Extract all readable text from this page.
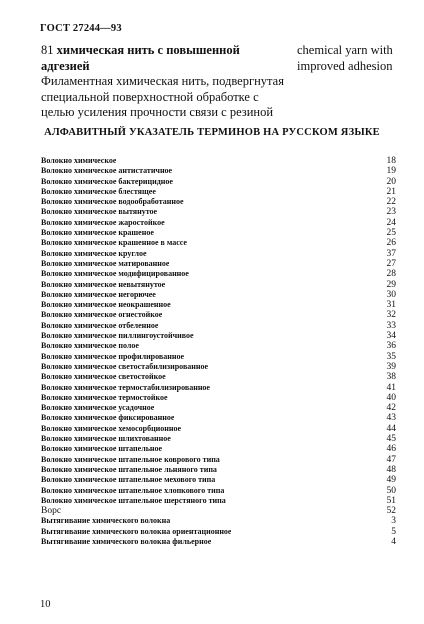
ГОСТ 27244—93
81 химическая нить с повышенной адгезией
Филаментная химическая нить, подвергнутая специальной поверхностной обработке с целью усиления прочности связи с резиной
chemical yarn with improved adhesion
АЛФАВИТНЫЙ УКАЗАТЕЛЬ ТЕРМИНОВ НА РУССКОМ ЯЗЫКЕ
Волокно химическое	18
Волокно химическое антистатичное	19
Волокно химическое бактерицидное	20
Волокно химическое блестящее	21
Волокно химическое водообработанное	22
Волокно химическое вытянутое	23
Волокно химическое жаростойкое	24
Волокно химическое крашеное	25
Волокно химическое крашенное в массе	26
Волокно химическое круглое	37
Волокно химическое матированное	27
Волокно химическое модифицированное	28
Волокно химическое невытянутое	29
Волокно химическое негорючее	30
Волокно химическое неокрашенное	31
Волокно химическое огнестойкое	32
Волокно химическое отбеленное	33
Волокно химическое пиллингоустойчивое	34
Волокно химическое полое	36
Волокно химическое профилированное	35
Волокно химическое светостабилизированное	39
Волокно химическое светостойкое	38
Волокно химическое термостабилизированное	41
Волокно химическое термостойкое	40
Волокно химическое усадочное	42
Волокно химическое фиксированное	43
Волокно химическое хемосорбционное	44
Волокно химическое шлихтованное	45
Волокно химическое штапельное	46
Волокно химическое штапельное коврового типа	47
Волокно химическое штапельное льняного типа	48
Волокно химическое штапельное мехового типа	49
Волокно химическое штапельное хлопкового типа	50
Волокно химическое штапельное шерстяного типа	51
Ворс	52
Вытягивание химического волокна	3
Вытягивание химического волокна ориентационное	5
Вытягивание химического волокна фильерное	4
10
